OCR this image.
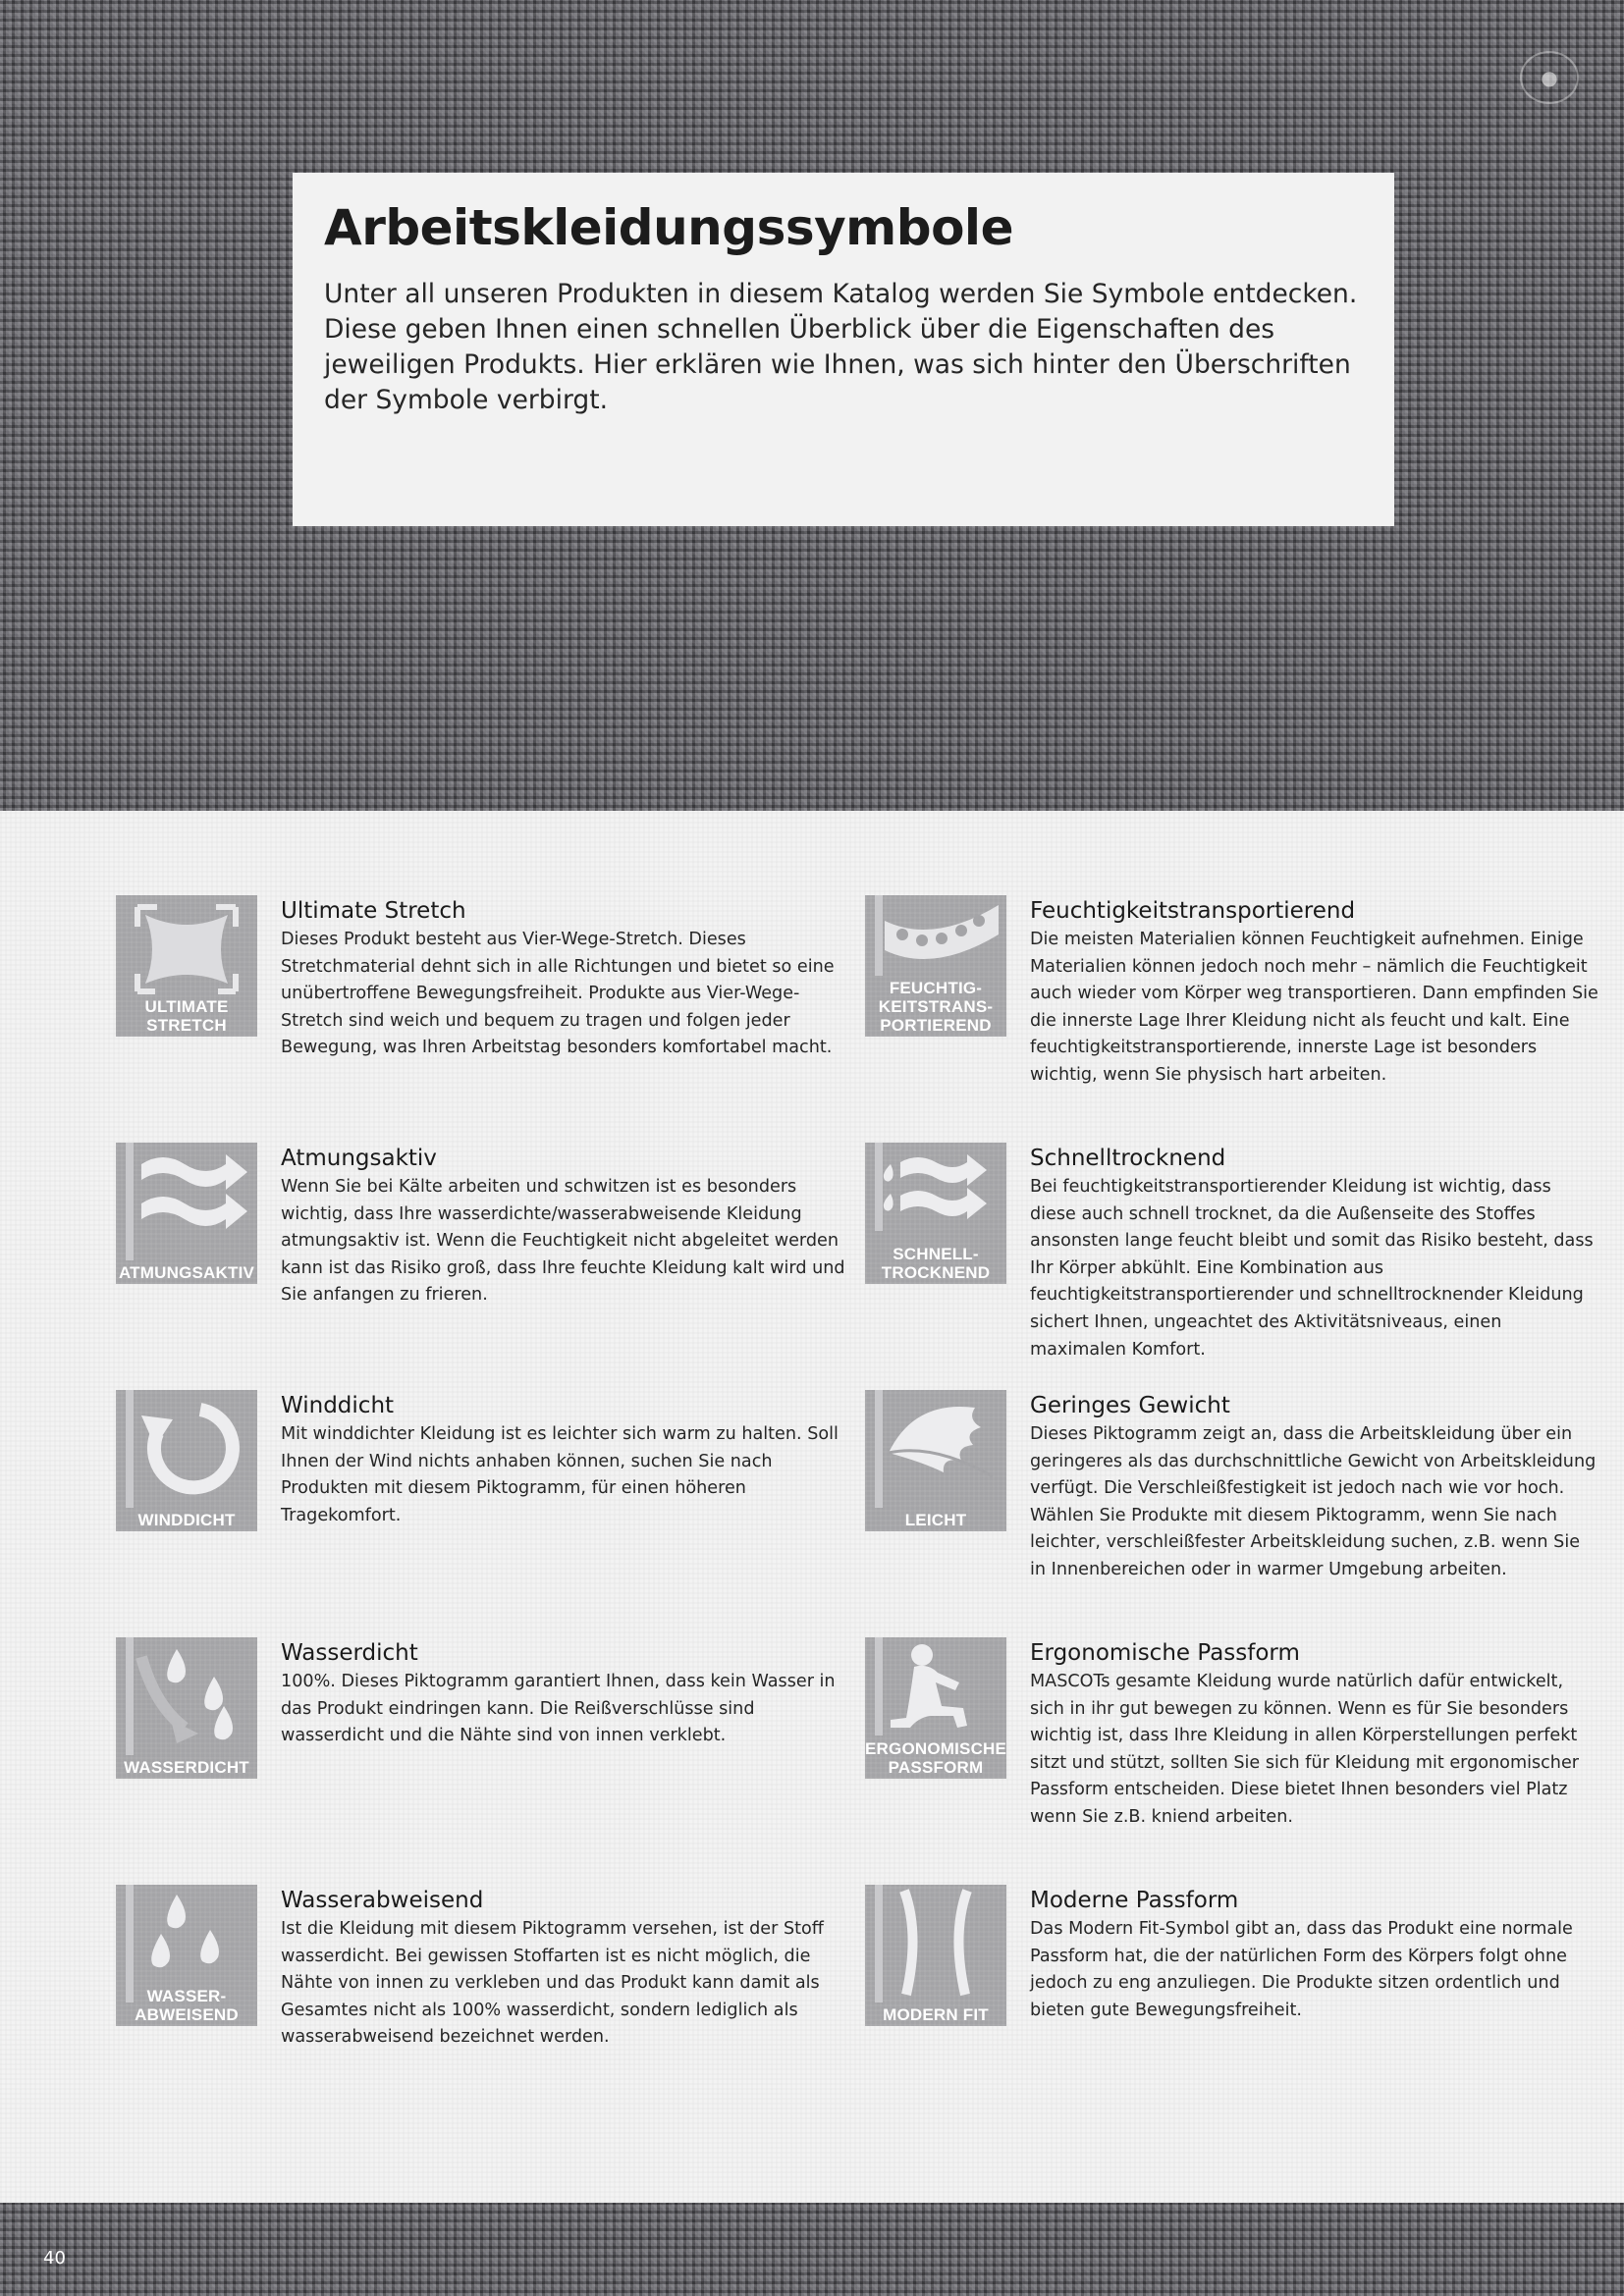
●
Arbeitskleidungssymbole

Unter all unseren Produkten in diesem Katalog werden Sie Symbole entdecken. Diese geben Ihnen einen schnellen Überblick über die Eigenschaften des jeweiligen Produkts. Hier erklären wie Ihnen, was sich hinter den Überschriften der Symbole verbirgt.

ULTIMATE
STRETCH
Ultimate Stretch

Dieses Produkt besteht aus Vier-Wege-Stretch. Dieses Stretchmaterial dehnt sich in alle Richtungen und bietet so eine unübertroffene Bewegungsfreiheit. Produkte aus Vier-Wege-Stretch sind weich und bequem zu tragen und folgen jeder Bewegung, was Ihren Arbeitstag besonders komfortabel macht.

ATMUNGSAKTIV
Atmungsaktiv

Wenn Sie bei Kälte arbeiten und schwitzen ist es besonders wichtig, dass Ihre wasserdichte/wasserabweisende Kleidung atmungsaktiv ist. Wenn die Feuchtigkeit nicht abgeleitet werden kann ist das Risiko groß, dass Ihre feuchte Kleidung kalt wird und Sie anfangen zu frieren.

WINDDICHT
Winddicht

Mit winddichter Kleidung ist es leichter sich warm zu halten. Soll Ihnen der Wind nichts anhaben können, suchen Sie nach Produkten mit diesem Piktogramm, für einen höheren Tragekomfort.

WASSERDICHT
Wasserdicht

100%. Dieses Piktogramm garantiert Ihnen, dass kein Wasser in das Produkt eindringen kann. Die Reißverschlüsse sind wasserdicht und die Nähte sind von innen verklebt.

WASSER-
ABWEISEND
Wasserabweisend

Ist die Kleidung mit diesem Piktogramm versehen, ist der Stoff wasserdicht. Bei gewissen Stoffarten ist es nicht möglich, die Nähte von innen zu verkleben und das Produkt kann damit als Gesamtes nicht als 100% wasserdicht, sondern lediglich als wasserabweisend bezeichnet werden.

FEUCHTIG-
KEITSTRANS-
PORTIEREND
Feuchtigkeitstransportierend

Die meisten Materialien können Feuchtigkeit aufnehmen. Einige Materialien können jedoch noch mehr – nämlich die Feuchtigkeit auch wieder vom Körper weg transportieren. Dann empfinden Sie die innerste Lage Ihrer Kleidung nicht als feucht und kalt. Eine feuchtigkeitstransportierende, innerste Lage ist besonders wichtig, wenn Sie physisch hart arbeiten.

SCHNELL-
TROCKNEND
Schnelltrocknend

Bei feuchtigkeitstransportierender Kleidung ist wichtig, dass diese auch schnell trocknet, da die Außenseite des Stoffes ansonsten lange feucht bleibt und somit das Risiko besteht, dass Ihr Körper abkühlt. Eine Kombination aus feuchtigkeitstransportierender und schnelltrocknender Kleidung sichert Ihnen, ungeachtet des Aktivitätsniveaus, einen maximalen Komfort.

LEICHT
Geringes Gewicht

Dieses Piktogramm zeigt an, dass die Arbeitskleidung über ein geringeres als das durchschnittliche Gewicht von Arbeitskleidung verfügt. Die Verschleißfestigkeit ist jedoch nach wie vor hoch. Wählen Sie Produkte mit diesem Piktogramm, wenn Sie nach leichter, verschleißfester Arbeitskleidung suchen, z.B. wenn Sie in Innenbereichen oder in warmer Umgebung arbeiten.

ERGONOMISCHE
PASSFORM
Ergonomische Passform

MASCOTs gesamte Kleidung wurde natürlich dafür entwickelt, sich in ihr gut bewegen zu können. Wenn es für Sie besonders wichtig ist, dass Ihre Kleidung in allen Körperstellungen perfekt sitzt und stützt, sollten Sie sich für Kleidung mit ergonomischer Passform entscheiden. Diese bietet Ihnen besonders viel Platz wenn Sie z.B. kniend arbeiten.

MODERN FIT
Moderne Passform

Das Modern Fit-Symbol gibt an, dass das Produkt eine normale Passform hat, die der natürlichen Form des Körpers folgt ohne jedoch zu eng anzuliegen. Die Produkte sitzen ordentlich und bieten gute Bewegungsfreiheit.

40
